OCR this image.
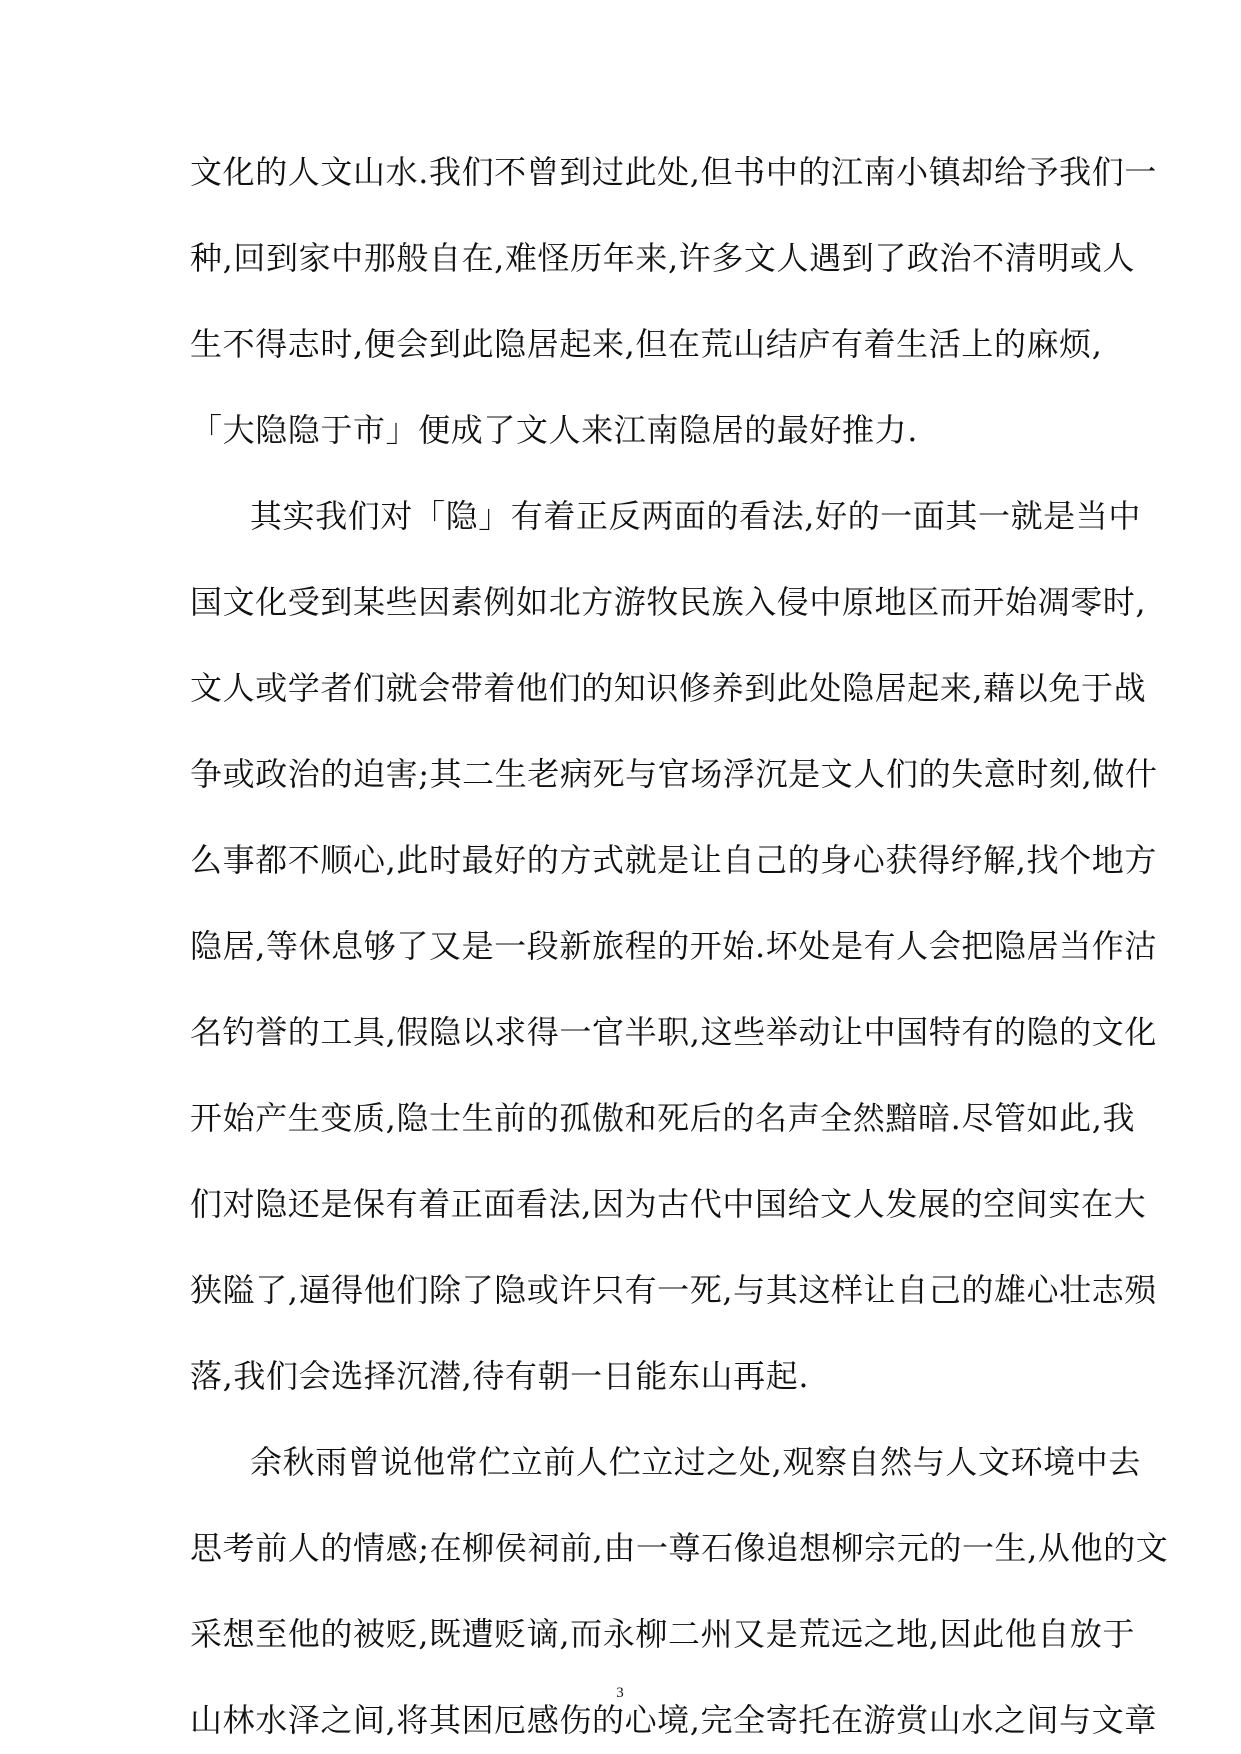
文化的人文山水.我们不曾到过此处,但书中的江南小镇却给予我们一
种,回到家中那般自在,难怪历年来,许多文人遇到了政治不清明或人
生不得志时,便会到此隐居起来,但在荒山结庐有着生活上的麻烦,
「大隐隐于市」便成了文人来江南隐居的最好推力.
其实我们对「隐」有着正反两面的看法,好的一面其一就是当中
国文化受到某些因素例如北方游牧民族入侵中原地区而开始凋零时,
文人或学者们就会带着他们的知识修养到此处隐居起来,藉以免于战
争或政治的迫害;其二生老病死与官场浮沉是文人们的失意时刻,做什
么事都不顺心,此时最好的方式就是让自己的身心获得纾解,找个地方
隐居,等休息够了又是一段新旅程的开始.坏处是有人会把隐居当作沽
名钓誉的工具,假隐以求得一官半职,这些举动让中国特有的隐的文化
开始产生变质,隐士生前的孤傲和死后的名声全然黯暗.尽管如此,我
们对隐还是保有着正面看法,因为古代中国给文人发展的空间实在大
狭隘了,逼得他们除了隐或许只有一死,与其这样让自己的雄心壮志殒
落,我们会选择沉潜,待有朝一日能东山再起.
余秋雨曾说他常伫立前人伫立过之处,观察自然与人文环境中去
思考前人的情感;在柳侯祠前,由一尊石像追想柳宗元的一生,从他的文
采想至他的被贬,既遭贬谪,而永柳二州又是荒远之地,因此他自放于
山林水泽之间,将其困厄感伤的心境,完全寄托在游赏山水之间与文章
3
